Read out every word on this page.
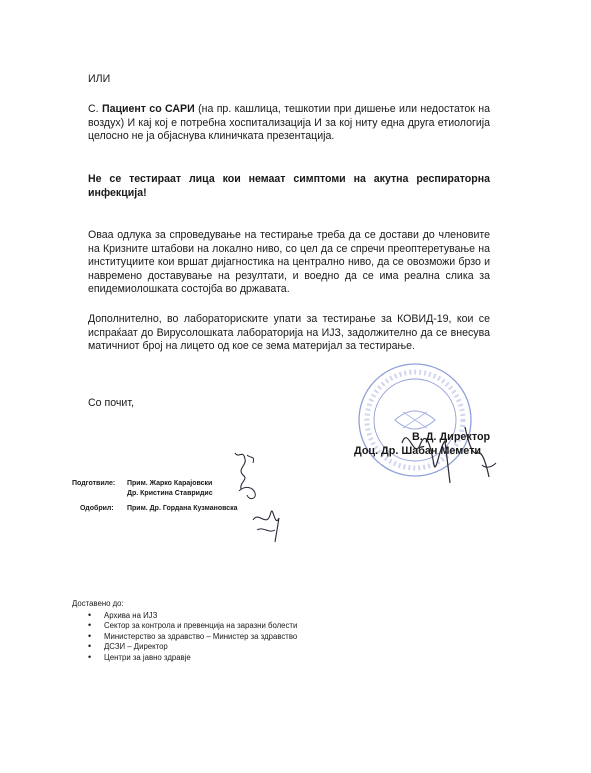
ИЛИ
С. Пациент со САРИ (на пр. кашлица, тешкотии при дишење или недостаток на воздух) И кај кој е потребна хоспитализација И за кој ниту една друга етиологија целосно не ја објаснува клиничката презентација.
Не се тестираат лица кои немаат симптоми на акутна респираторна инфекција!
Оваа одлука за спроведување на тестирање треба да се достави до членовите на Кризните штабови на локално ниво, со цел да се спречи преоптеретување на институциите кои вршат дијагностика на централно ниво, да се овозможи брзо и навремено доставување на резултати, и воедно да се има реална слика за епидемиолошката состојба во државата.
Дополнително, во лабораториските упати за тестирање за КОВИД-19, кои се испраќаат до Вирусолошката лабораторија на ИЈЗ, задолжително да се внесува матичниот број на лицето од кое се зема материјал за тестирање.
Со почит,
В. Д. Директор
Доц. Др. Шабан Мемети
Подготвиле: Прим. Жарко Карајовски
Др. Кристина Ставридис
Одобрил: Прим. Др. Гордана Кузмановска
Доставено до:
• Архива на ИЈЗ
• Сектор за контрола и превенција на заразни болести
• Министерство за здравство – Министер за здравство
• ДСЗИ – Директор
• Центри за јавно здравје
